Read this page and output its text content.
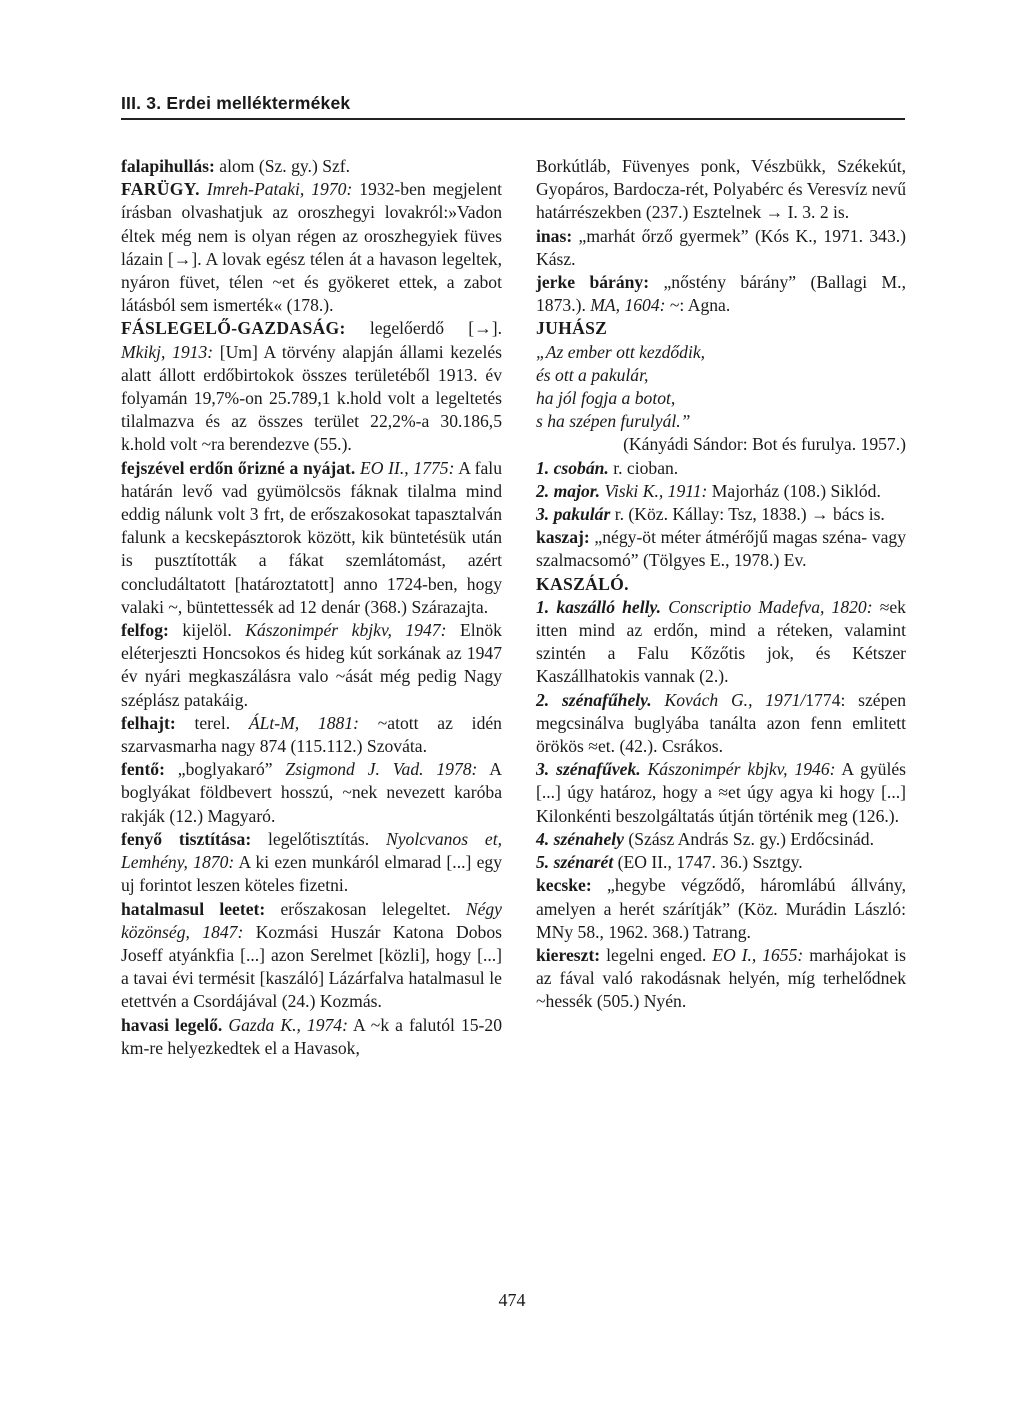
III. 3. Erdei melléktermékek

falapihullás: alom (Sz. gy.) Szf.

FARÜGY. Imreh-Pataki, 1970: 1932-ben megjelent írásban olvashatjuk az oroszhegyi lovakról:»Vadon éltek még nem is olyan régen az oroszhegyiek füves lázain [→]. A lovak egész télen át a havason legeltek, nyáron füvet, télen ~et és gyökeret ettek, a zabot látásból sem ismerték« (178.).

FÁSLEGELŐ-GAZDASÁG: legelőerdő [→]. Mkikj, 1913: [Um] A törvény alapján állami kezelés alatt állott erdőbirtokok összes területéből 1913. év folyamán 19,7%-on 25.789,1 k.hold volt a legeltetés tilalmazva és az összes terület 22,2%-a 30.186,5 k.hold volt ~ra berendezve (55.).

fejszével erdőn őrizné a nyájat. EO II., 1775: A falu határán levő vad gyümölcsös fáknak tilalma mind eddig nálunk volt 3 frt, de erőszakosokat tapasztalván falunk a kecskepásztorok között, kik büntetésük után is pusztították a fákat szemlátomást, azért concludáltatott [határoztatott] anno 1724-ben, hogy valaki ~, büntettessék ad 12 denár (368.) Szárazajta.

felfog: kijelöl. Kászonimpér kbjkv, 1947: Elnök eléterjeszti Honcsokos és hideg kút sorkának az 1947 év nyári megkaszálásra valo ~ását még pedig Nagy széplász patakáig.

felhajt: terel. ÁLt-M, 1881: ~atott az idén szarvasmarha nagy 874 (115.112.) Szováta.

fentő: „boglyakaró” Zsigmond J. Vad. 1978: A boglyákat földbevert hosszú, ~nek nevezett karóba rakják (12.) Magyaró.

fenyő tisztítása: legelőtisztítás. Nyolcvanos et, Lemhény, 1870: A ki ezen munkáról elmarad [...] egy uj forintot leszen köteles fizetni.

hatalmasul leetet: erőszakosan lelegeltet. Négy közönség, 1847: Kozmási Huszár Katona Dobos Joseff atyánkfia [...] azon Serelmet [közli], hogy [...] a tavai évi termésit [kaszáló] Lázárfalva hatalmasul le etettvén a Csordájával (24.) Kozmás.

havasi legelő. Gazda K., 1974: A ~k a falutól 15-20 km-re helyezkedtek el a Havasok,

Borkútláb, Füvenyes ponk, Vészbükk, Székekút, Gyopáros, Bardocza-rét, Polyabérc és Veresvíz nevű határrészekben (237.) Esztelnek → I. 3. 2 is.

inas: „marhát őrző gyermek” (Kós K., 1971. 343.) Kász.

jerke bárány: „nőstény bárány” (Ballagi M., 1873.). MA, 1604: ~: Agna.

JUHÁSZ

„Az ember ott kezdődik,

és ott a pakulár,

ha jól fogja a botot,

s ha szépen furulyál.”

(Kányádi Sándor: Bot és furulya. 1957.)

1. csobán. r. cioban.

2. major. Viski K., 1911: Majorház (108.) Siklód.

3. pakulár r. (Köz. Kállay: Tsz, 1838.) → bács is.

kaszaj: „négy-öt méter átmérőjű magas széna- vagy szalmacsomó” (Tölgyes E., 1978.) Ev.

KASZÁLÓ.

1. kaszálló helly. Conscriptio Madefva, 1820: ≈ek itten mind az erdőn, mind a réteken, valamint szintén a Falu Kőzőtis jok, és Kétszer Kaszállhatokis vannak (2.).

2. szénafűhely. Kovách G., 1971/1774: szépen megcsinálva buglyába tanálta azon fenn emlitett örökös ≈et. (42.). Csrákos.

3. szénafűvek. Kászonimpér kbjkv, 1946: A gyülés [...] úgy határoz, hogy a ≈et úgy agya ki hogy [...] Kilonkénti beszolgáltatás útján történik meg (126.).

4. szénahely (Szász András Sz. gy.) Erdőcsinád.

5. szénarét (EO II., 1747. 36.) Ssztgy.

kecske: „hegybe végződő, háromlábú állvány, amelyen a herét szárítják” (Köz. Murádin László: MNy 58., 1962. 368.) Tatrang.

kiereszt: legelni enged. EO I., 1655: marhájokat is az fával való rakodásnak helyén, míg terhelődnek ~hessék (505.) Nyén.

474
